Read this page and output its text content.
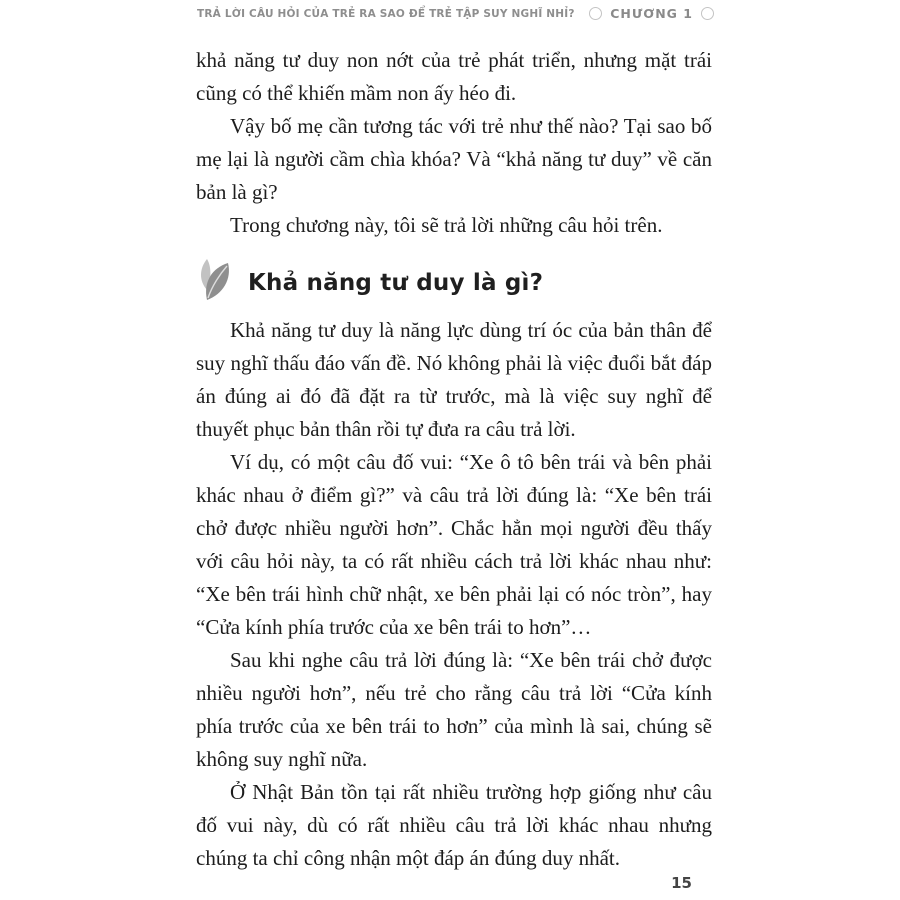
TRẢ LỜI CÂU HỎI CỦA TRẺ RA SAO ĐỂ TRẺ TẬP SUY NGHĨ NHỈ?	CHƯƠNG 1

khả năng tư duy non nớt của trẻ phát triển, nhưng mặt trái cũng có thể khiến mầm non ấy héo đi.

Vậy bố mẹ cần tương tác với trẻ như thế nào? Tại sao bố mẹ lại là người cầm chìa khóa? Và “khả năng tư duy” về căn bản là gì?

Trong chương này, tôi sẽ trả lời những câu hỏi trên.

Khả năng tư duy là gì?

Khả năng tư duy là năng lực dùng trí óc của bản thân để suy nghĩ thấu đáo vấn đề. Nó không phải là việc đuổi bắt đáp án đúng ai đó đã đặt ra từ trước, mà là việc suy nghĩ để thuyết phục bản thân rồi tự đưa ra câu trả lời.

Ví dụ, có một câu đố vui: “Xe ô tô bên trái và bên phải khác nhau ở điểm gì?” và câu trả lời đúng là: “Xe bên trái chở được nhiều người hơn”. Chắc hẳn mọi người đều thấy với câu hỏi này, ta có rất nhiều cách trả lời khác nhau như: “Xe bên trái hình chữ nhật, xe bên phải lại có nóc tròn”, hay “Cửa kính phía trước của xe bên trái to hơn”…

Sau khi nghe câu trả lời đúng là: “Xe bên trái chở được nhiều người hơn”, nếu trẻ cho rằng câu trả lời “Cửa kính phía trước của xe bên trái to hơn” của mình là sai, chúng sẽ không suy nghĩ nữa.

Ở Nhật Bản tồn tại rất nhiều trường hợp giống như câu đố vui này, dù có rất nhiều câu trả lời khác nhau nhưng chúng ta chỉ công nhận một đáp án đúng duy nhất.

15
